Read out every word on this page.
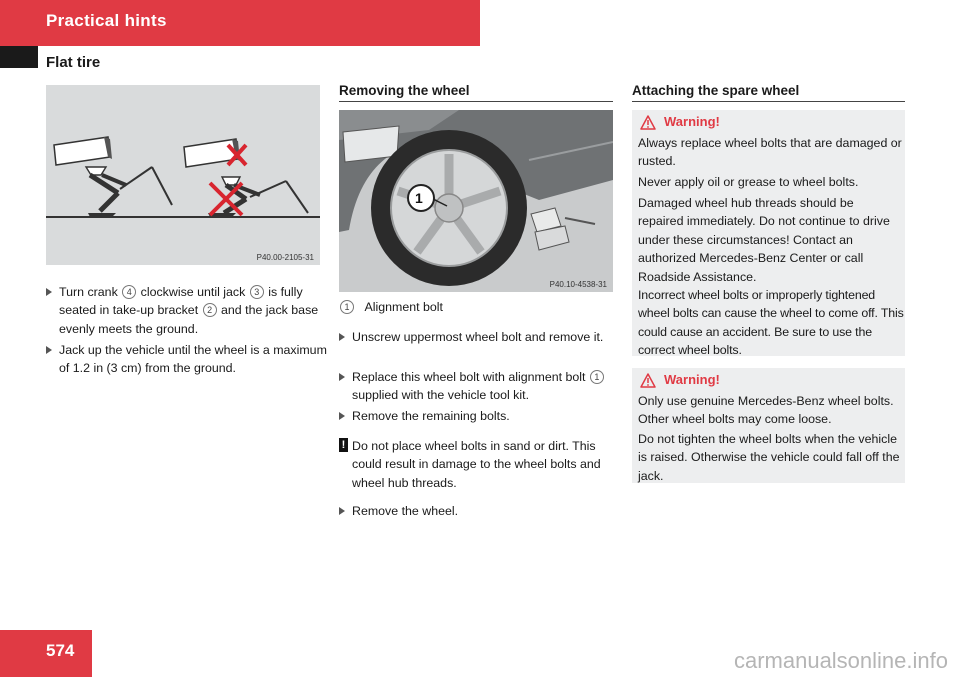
Practical hints
Flat tire
P40.00-2105-31
Turn crank 4 clockwise until jack 3 is fully seated in take-up bracket 2 and the jack base evenly meets the ground.
Jack up the vehicle until the wheel is a maximum of 1.2 in (3 cm) from the ground.
Removing the wheel
1
P40.10-4538-31
1 Alignment bolt
Unscrew uppermost wheel bolt and remove it.
Replace this wheel bolt with alignment bolt 1 supplied with the vehicle tool kit.
Remove the remaining bolts.
! Do not place wheel bolts in sand or dirt. This could result in damage to the wheel bolts and wheel hub threads.
Remove the wheel.
Attaching the spare wheel
Warning!
Always replace wheel bolts that are damaged or rusted.
Never apply oil or grease to wheel bolts.
Damaged wheel hub threads should be repaired immediately. Do not continue to drive under these circumstances! Contact an authorized Mercedes-Benz Center or call Roadside Assistance.
Incorrect wheel bolts or improperly tightened wheel bolts can cause the wheel to come off. This could cause an accident. Be sure to use the correct wheel bolts.
Warning!
Only use genuine Mercedes-Benz wheel bolts. Other wheel bolts may come loose.
Do not tighten the wheel bolts when the vehicle is raised. Otherwise the vehicle could fall off the jack.
574	carmanualsonline.info
